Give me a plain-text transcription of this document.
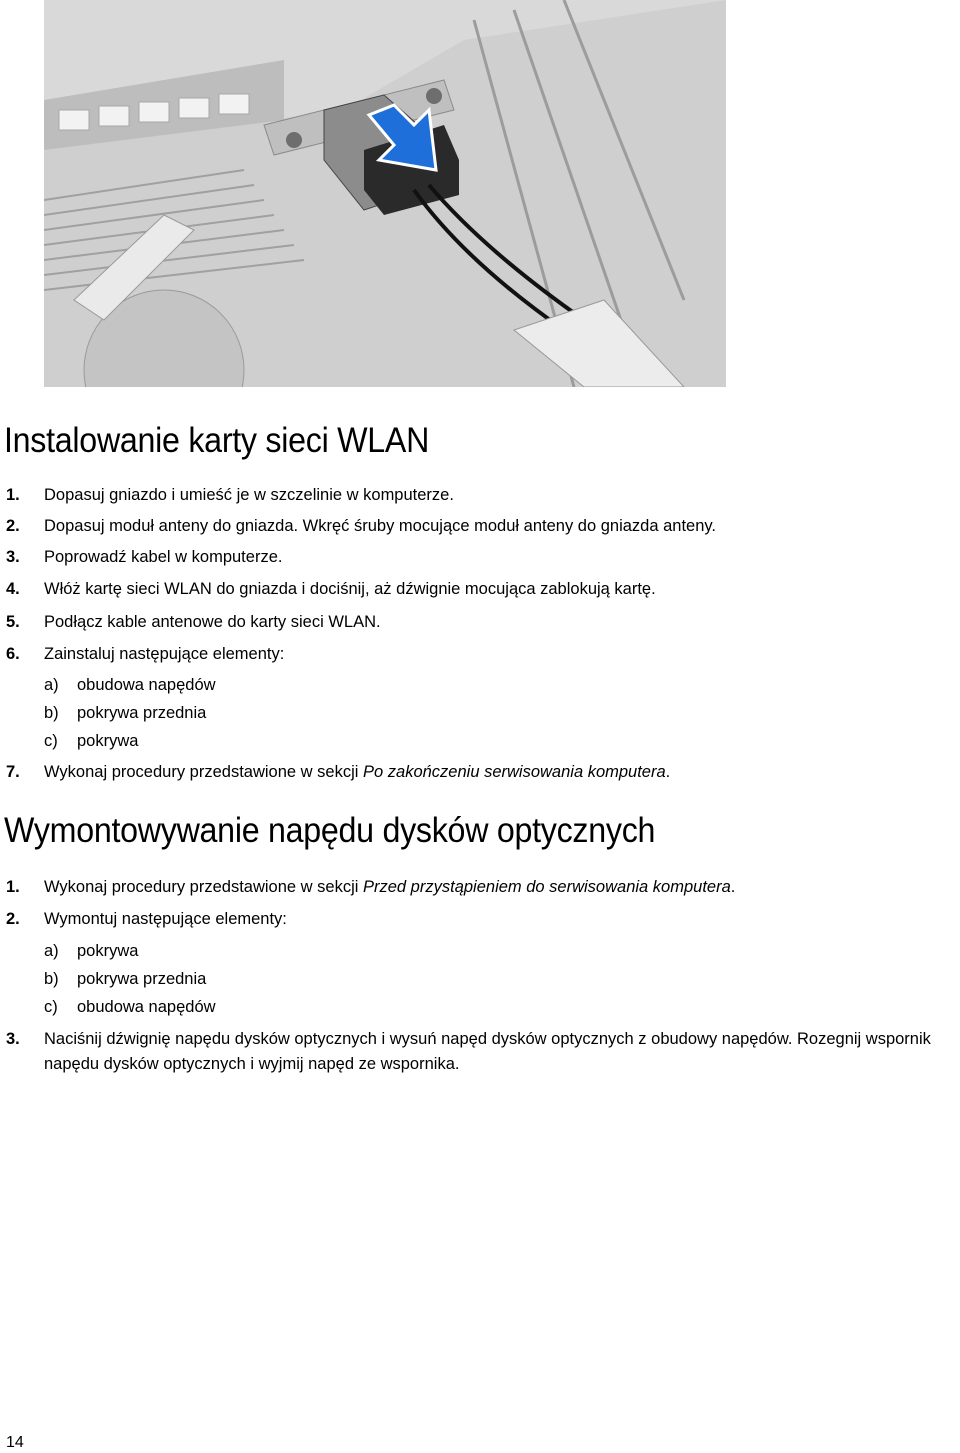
Instalowanie karty sieci WLAN
1. Dopasuj gniazdo i umieść je w szczelinie w komputerze.
2. Dopasuj moduł anteny do gniazda. Wkręć śruby mocujące moduł anteny do gniazda anteny.
3. Poprowadź kabel w komputerze.
4. Włóż kartę sieci WLAN do gniazda i dociśnij, aż dźwignie mocująca zablokują kartę.
5. Podłącz kable antenowe do karty sieci WLAN.
6. Zainstaluj następujące elementy:
a) obudowa napędów
b) pokrywa przednia
c) pokrywa
7. Wykonaj procedury przedstawione w sekcji Po zakończeniu serwisowania komputera.
Wymontowywanie napędu dysków optycznych
1. Wykonaj procedury przedstawione w sekcji Przed przystąpieniem do serwisowania komputera.
2. Wymontuj następujące elementy:
a) pokrywa
b) pokrywa przednia
c) obudowa napędów
3. Naciśnij dźwignię napędu dysków optycznych i wysuń napęd dysków optycznych z obudowy napędów. Rozegnij wspornik
napędu dysków optycznych i wyjmij napęd ze wspornika.
14
